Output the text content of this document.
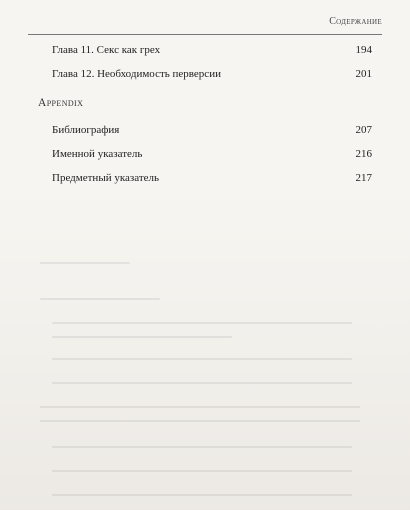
Содержание
Глава 11. Секс как грех	194
Глава 12. Необходимость перверсии	201
Appendix
Библиография	207
Именной указатель	216
Предметный указатель	217
